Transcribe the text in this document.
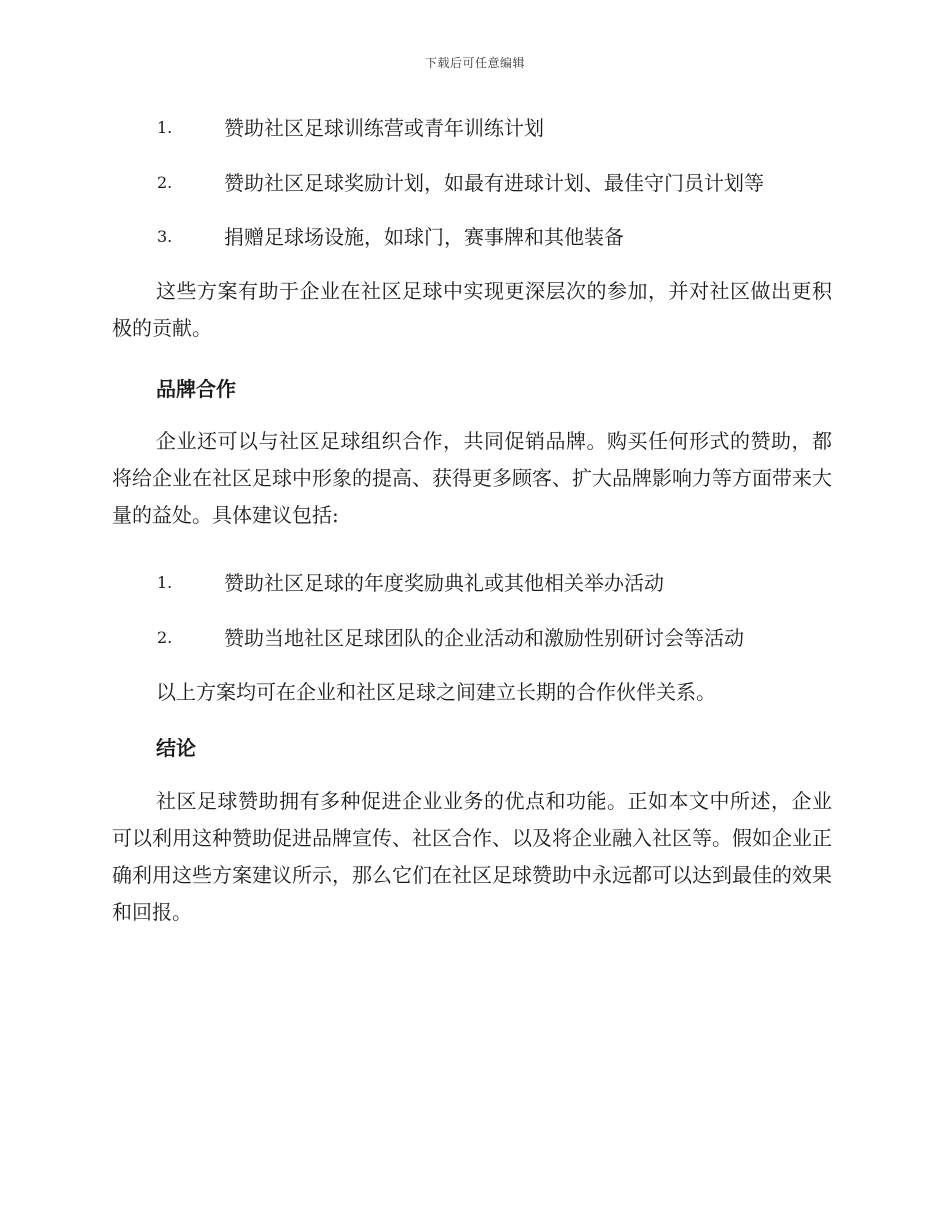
下载后可任意编辑
1.	赞助社区足球训练营或青年训练计划
2.	赞助社区足球奖励计划，如最有进球计划、最佳守门员计划等
3.	捐赠足球场设施，如球门，赛事牌和其他装备

这些方案有助于企业在社区足球中实现更深层次的参加，并对社区做出更积极的贡献。

品牌合作

企业还可以与社区足球组织合作，共同促销品牌。购买任何形式的赞助，都将给企业在社区足球中形象的提高、获得更多顾客、扩大品牌影响力等方面带来大量的益处。具体建议包括:

1.	赞助社区足球的年度奖励典礼或其他相关举办活动
2.	赞助当地社区足球团队的企业活动和激励性别研讨会等活动

以上方案均可在企业和社区足球之间建立长期的合作伙伴关系。

结论

社区足球赞助拥有多种促进企业业务的优点和功能。正如本文中所述，企业可以利用这种赞助促进品牌宣传、社区合作、以及将企业融入社区等。假如企业正确利用这些方案建议所示，那么它们在社区足球赞助中永远都可以达到最佳的效果和回报。
